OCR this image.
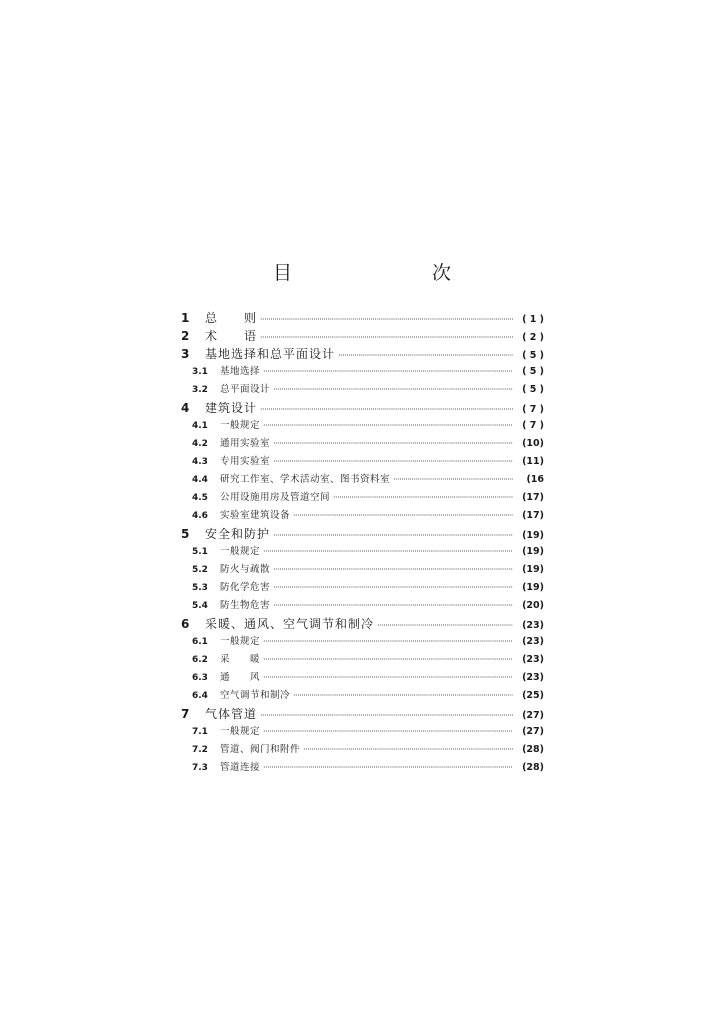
目　　次
1	总　　则 ·····	( 1 )
2	术　　语 ·····	( 2 )
3	基地选择和总平面设计 ·····	( 5 )
3.1	基地选择 ·····	( 5 )
3.2	总平面设计 ·····	( 5 )
4	建筑设计 ·····	( 7 )
4.1	一般规定 ·····	( 7 )
4.2	通用实验室 ·····	(10)
4.3	专用实验室 ·····	(11)
4.4	研究工作室、学术活动室、图书资料室 ·····	(16
4.5	公用设施用房及管道空间 ·····	(17)
4.6	实验室建筑设备 ·····	(17)
5	安全和防护 ·····	(19)
5.1	一般规定 ·····	(19)
5.2	防火与疏散 ·····	(19)
5.3	防化学危害 ·····	(19)
5.4	防生物危害 ·····	(20)
6	采暖、通风、空气调节和制冷 ·····	(23)
6.1	一般规定 ·····	(23)
6.2	采　　暖 ·····	(23)
6.3	通　　风 ·····	(23)
6.4	空气调节和制冷 ·····	(25)
7	气体管道 ·····	(27)
7.1	一般规定 ·····	(27)
7.2	管道、阀门和附件 ·····	(28)
7.3	管道连接 ·····	(28)
